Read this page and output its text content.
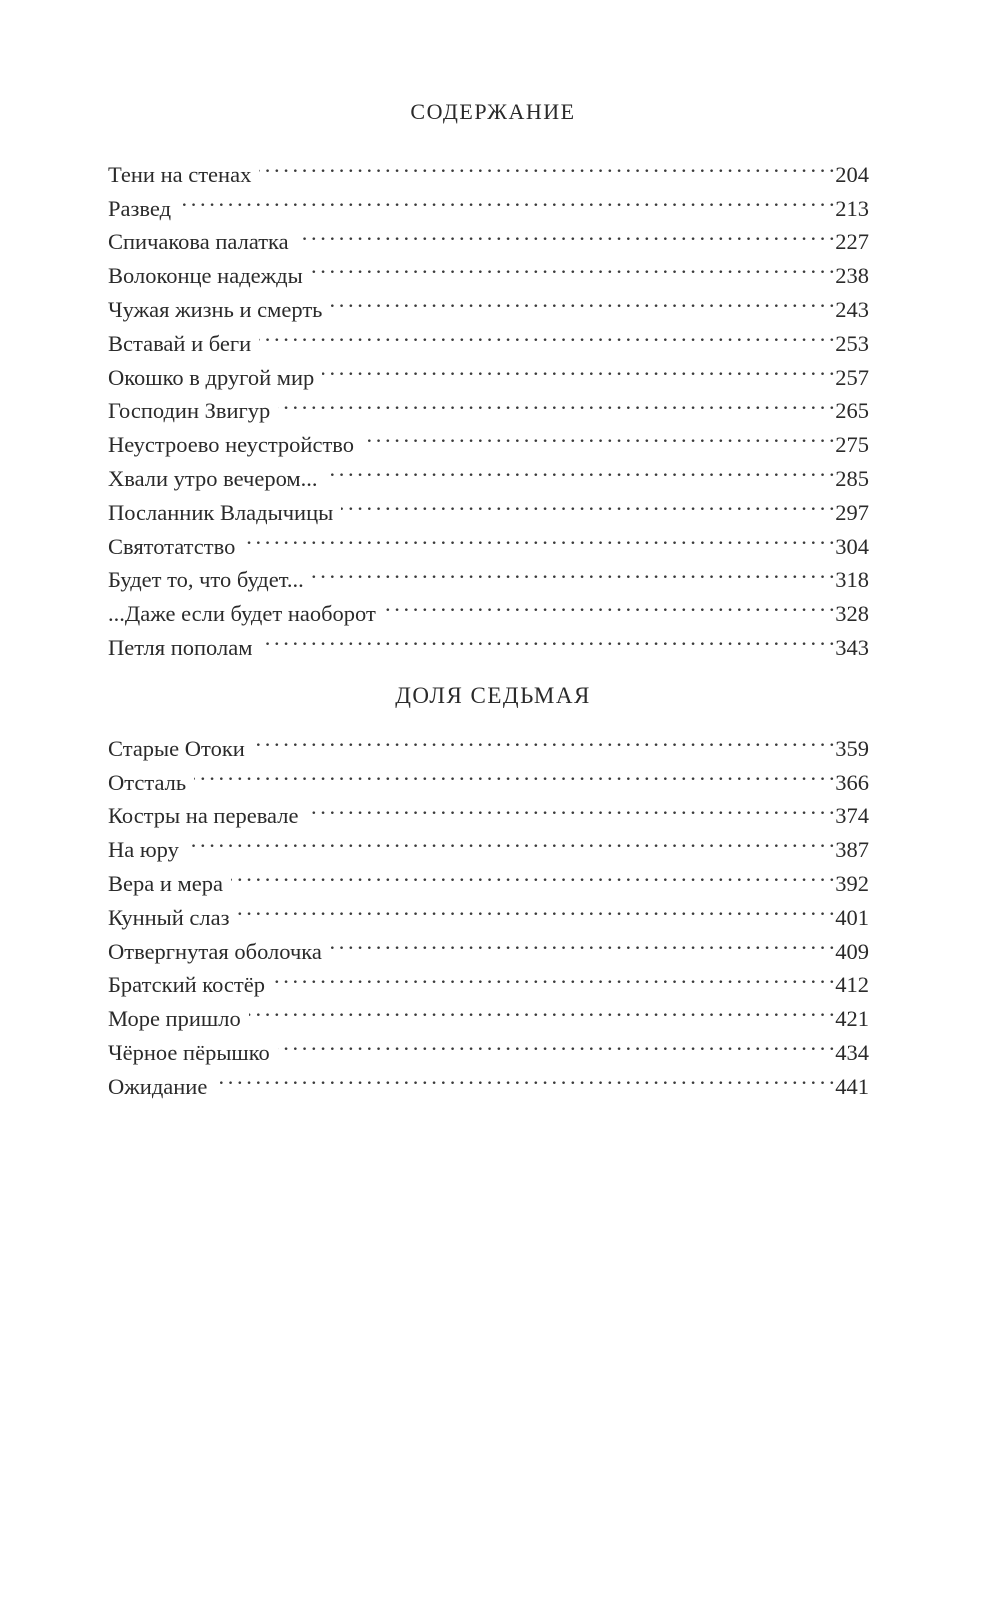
СОДЕРЖАНИЕ
Тени на стенах . . .	204
Развед . . .	213
Спичакова палатка . . .	227
Волоконце надежды . . .	238
Чужая жизнь и смерть . . .	243
Вставай и беги . . .	253
Окошко в другой мир . . .	257
Господин Звигур . . .	265
Неустроево неустройство . . .	275
Хвали утро вечером... . . .	285
Посланник Владычицы . . .	297
Святотатство . . .	304
Будет то, что будет... . . .	318
...Даже если будет наоборот . . .	328
Петля пополам . . .	343
ДОЛЯ СЕДЬМАЯ
Старые Отоки . . .	359
Отсталь . . .	366
Костры на перевале . . .	374
На юру . . .	387
Вера и мера . . .	392
Кунный слаз . . .	401
Отвергнутая оболочка . . .	409
Братский костёр . . .	412
Море пришло . . .	421
Чёрное пёрышко . . .	434
Ожидание . . .	441
